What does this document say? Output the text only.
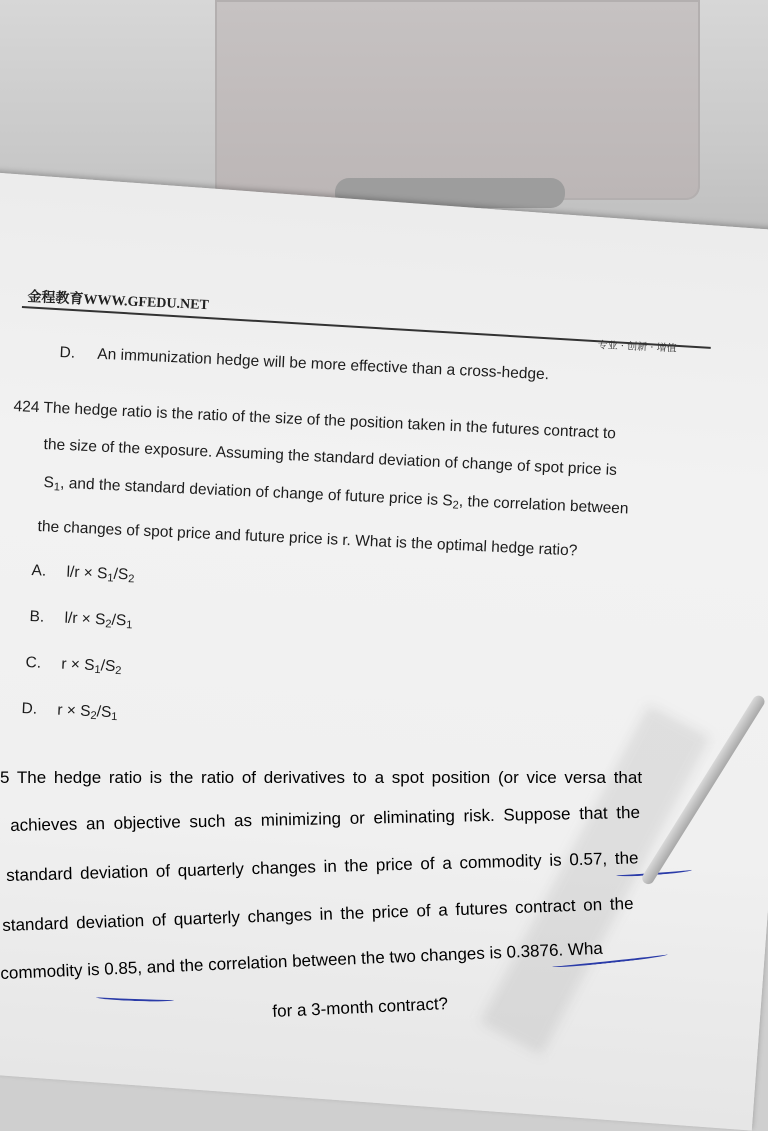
金程教育WWW.GFEDU.NET
专业 · 创新 · 增值
D. An immunization hedge will be more effective than a cross-hedge.
424 The hedge ratio is the ratio of the size of the position taken in the futures contract to
the size of the exposure. Assuming the standard deviation of change of spot price is
$S_1$, and the standard deviation of change of future price is $S_2$, the correlation between
the changes of spot price and future price is r. What is the optimal hedge ratio?
A. $l/r \times S_1/S_2$
B. $l/r \times S_2/S_1$
C. $r \times S_1/S_2$
D. $r \times S_2/S_1$
5 The hedge ratio is the ratio of derivatives to a spot position (or vice versa that
achieves an objective such as minimizing or eliminating risk. Suppose that the
standard deviation of quarterly changes in the price of a commodity is 0.57, the
standard deviation of quarterly changes in the price of a futures contract on the
commodity is 0.85, and the correlation between the two changes is 0.3876. Wha
for a 3-month contract?
